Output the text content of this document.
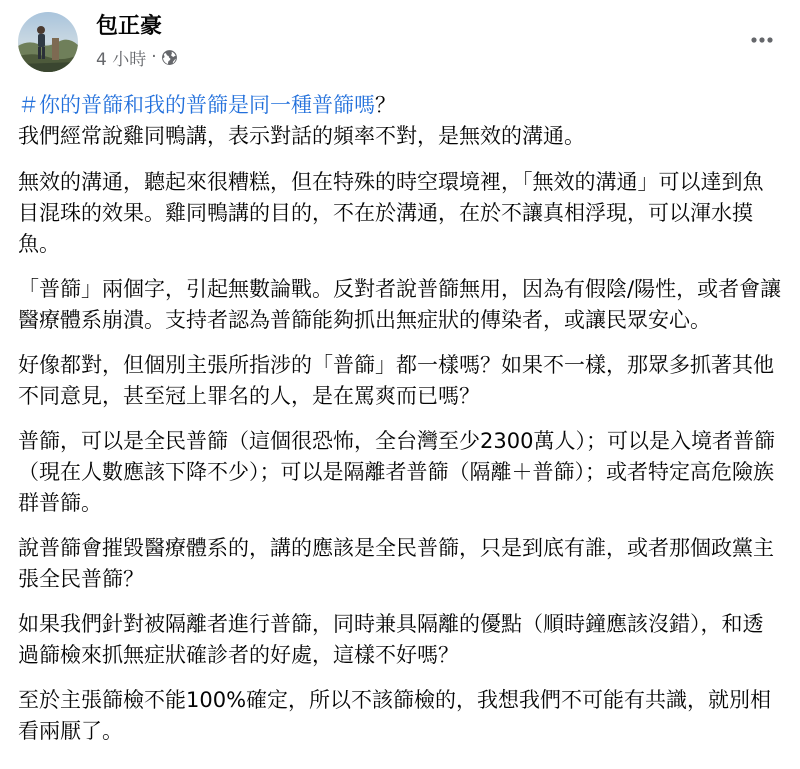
包正豪
4 小時 ·

＃你的普篩和我的普篩是同一種普篩嗎？

我們經常說雞同鴨講，表示對話的頻率不對，是無效的溝通。

無效的溝通，聽起來很糟糕，但在特殊的時空環境裡，「無效的溝通」可以達到魚目混珠的效果。雞同鴨講的目的，不在於溝通，在於不讓真相浮現，可以渾水摸魚。

「普篩」兩個字，引起無數論戰。反對者說普篩無用，因為有假陰/陽性，或者會讓醫療體系崩潰。支持者認為普篩能夠抓出無症狀的傳染者，或讓民眾安心。

好像都對，但個別主張所指涉的「普篩」都一樣嗎？如果不一樣，那眾多抓著其他不同意見，甚至冠上罪名的人，是在罵爽而已嗎？

普篩，可以是全民普篩（這個很恐怖，全台灣至少2300萬人）；可以是入境者普篩（現在人數應該下降不少）；可以是隔離者普篩（隔離＋普篩）；或者特定高危險族群普篩。

說普篩會摧毀醫療體系的，講的應該是全民普篩，只是到底有誰，或者那個政黨主張全民普篩？

如果我們針對被隔離者進行普篩，同時兼具隔離的優點（順時鐘應該沒錯），和透過篩檢來抓無症狀確診者的好處，這樣不好嗎？

至於主張篩檢不能100%確定，所以不該篩檢的，我想我們不可能有共識，就別相看兩厭了。
